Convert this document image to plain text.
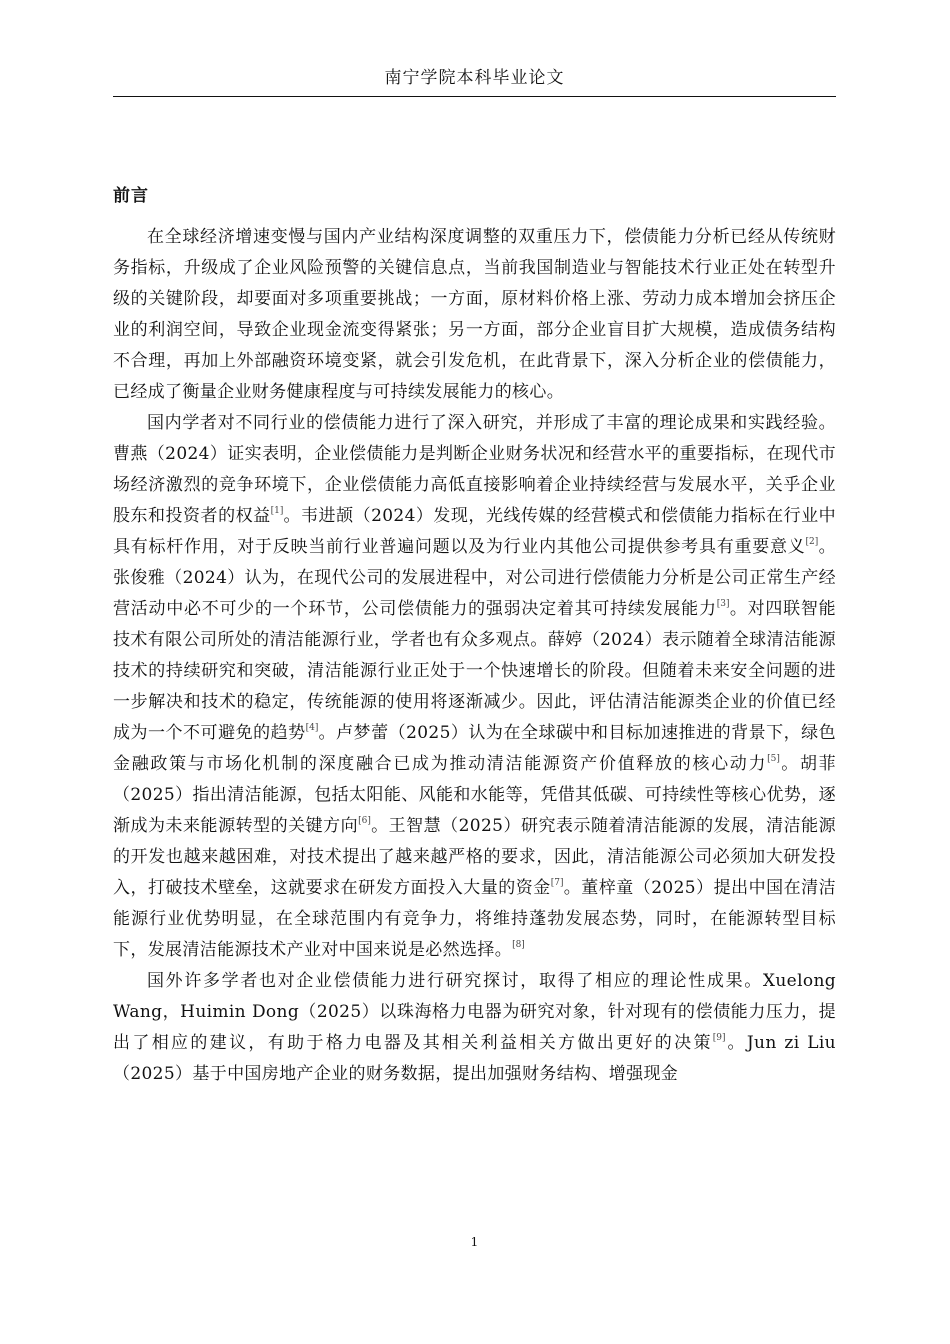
南宁学院本科毕业论文
前言

在全球经济增速变慢与国内产业结构深度调整的双重压力下，偿债能力分析已经从传统财务指标，升级成了企业风险预警的关键信息点，当前我国制造业与智能技术行业正处在转型升级的关键阶段，却要面对多项重要挑战；一方面，原材料价格上涨、劳动力成本增加会挤压企业的利润空间，导致企业现金流变得紧张；另一方面，部分企业盲目扩大规模，造成债务结构不合理，再加上外部融资环境变紧，就会引发危机，在此背景下，深入分析企业的偿债能力，已经成了衡量企业财务健康程度与可持续发展能力的核心。

国内学者对不同行业的偿债能力进行了深入研究，并形成了丰富的理论成果和实践经验。曹燕（2024）证实表明，企业偿债能力是判断企业财务状况和经营水平的重要指标，在现代市场经济激烈的竞争环境下，企业偿债能力高低直接影响着企业持续经营与发展水平，关乎企业股东和投资者的权益[1]。韦进颉（2024）发现，光线传媒的经营模式和偿债能力指标在行业中具有标杆作用，对于反映当前行业普遍问题以及为行业内其他公司提供参考具有重要意义[2]。张俊雅（2024）认为，在现代公司的发展进程中，对公司进行偿债能力分析是公司正常生产经营活动中必不可少的一个环节，公司偿债能力的强弱决定着其可持续发展能力[3]。对四联智能技术有限公司所处的清洁能源行业，学者也有众多观点。薛婷（2024）表示随着全球清洁能源技术的持续研究和突破，清洁能源行业正处于一个快速增长的阶段。但随着未来安全问题的进一步解决和技术的稳定，传统能源的使用将逐渐减少。因此，评估清洁能源类企业的价值已经成为一个不可避免的趋势[4]。卢梦蕾（2025）认为在全球碳中和目标加速推进的背景下，绿色金融政策与市场化机制的深度融合已成为推动清洁能源资产价值释放的核心动力[5]。胡菲（2025）指出清洁能源，包括太阳能、风能和水能等，凭借其低碳、可持续性等核心优势，逐渐成为未来能源转型的关键方向[6]。王智慧（2025）研究表示随着清洁能源的发展，清洁能源的开发也越来越困难，对技术提出了越来越严格的要求，因此，清洁能源公司必须加大研发投入，打破技术壁垒，这就要求在研发方面投入大量的资金[7]。董梓童（2025）提出中国在清洁能源行业优势明显，在全球范围内有竞争力，将维持蓬勃发展态势，同时，在能源转型目标下，发展清洁能源技术产业对中国来说是必然选择。[8]

国外许多学者也对企业偿债能力进行研究探讨，取得了相应的理论性成果。Xuelong Wang，Huimin Dong（2025）以珠海格力电器为研究对象，针对现有的偿债能力压力，提出了相应的建议，有助于格力电器及其相关利益相关方做出更好的决策[9]。Jun zi Liu（2025）基于中国房地产企业的财务数据，提出加强财务结构、增强现金

1
